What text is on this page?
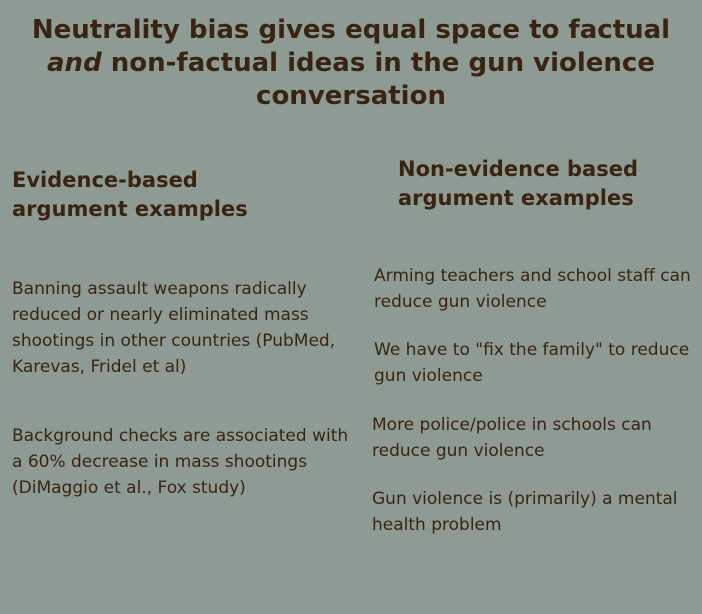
Neutrality bias gives equal space to factual and non-factual ideas in the gun violence conversation
Evidence-based argument examples
Non-evidence based argument examples
Banning assault weapons radically reduced or nearly eliminated mass shootings in other countries (PubMed, Karevas, Fridel et al)
Background checks are associated with a 60% decrease in mass shootings (DiMaggio et al., Fox study)
Arming teachers and school staff can reduce gun violence
We have to "fix the family" to reduce gun violence
More police/police in schools can reduce gun violence
Gun violence is (primarily) a mental health problem
